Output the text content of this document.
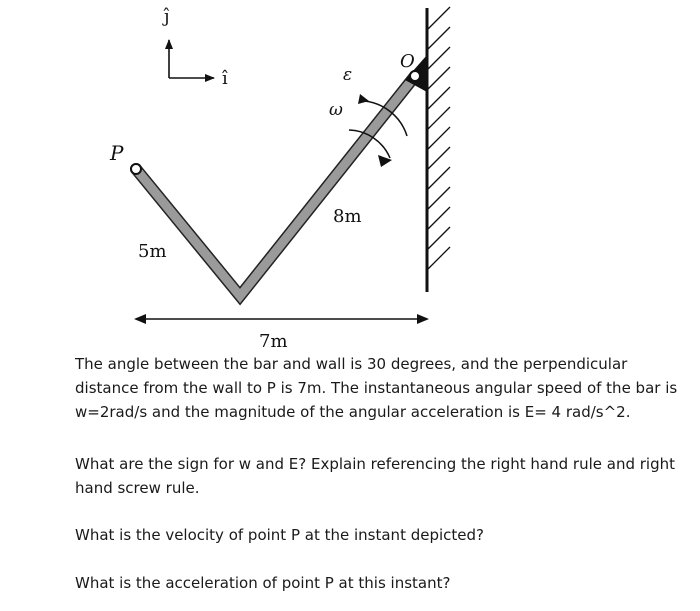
ĵ
î
P
O
ε
ω
5m
8m
7m

The angle between the bar and wall is 30 degrees, and the perpendicular distance from the wall to P is 7m. The instantaneous angular speed of the bar is w=2rad/s and the magnitude of the angular acceleration is E= 4 rad/s^2.

What are the sign for w and E? Explain referencing the right hand rule and right hand screw rule.

What is the velocity of point P at the instant depicted?

What is the acceleration of point P at this instant?
